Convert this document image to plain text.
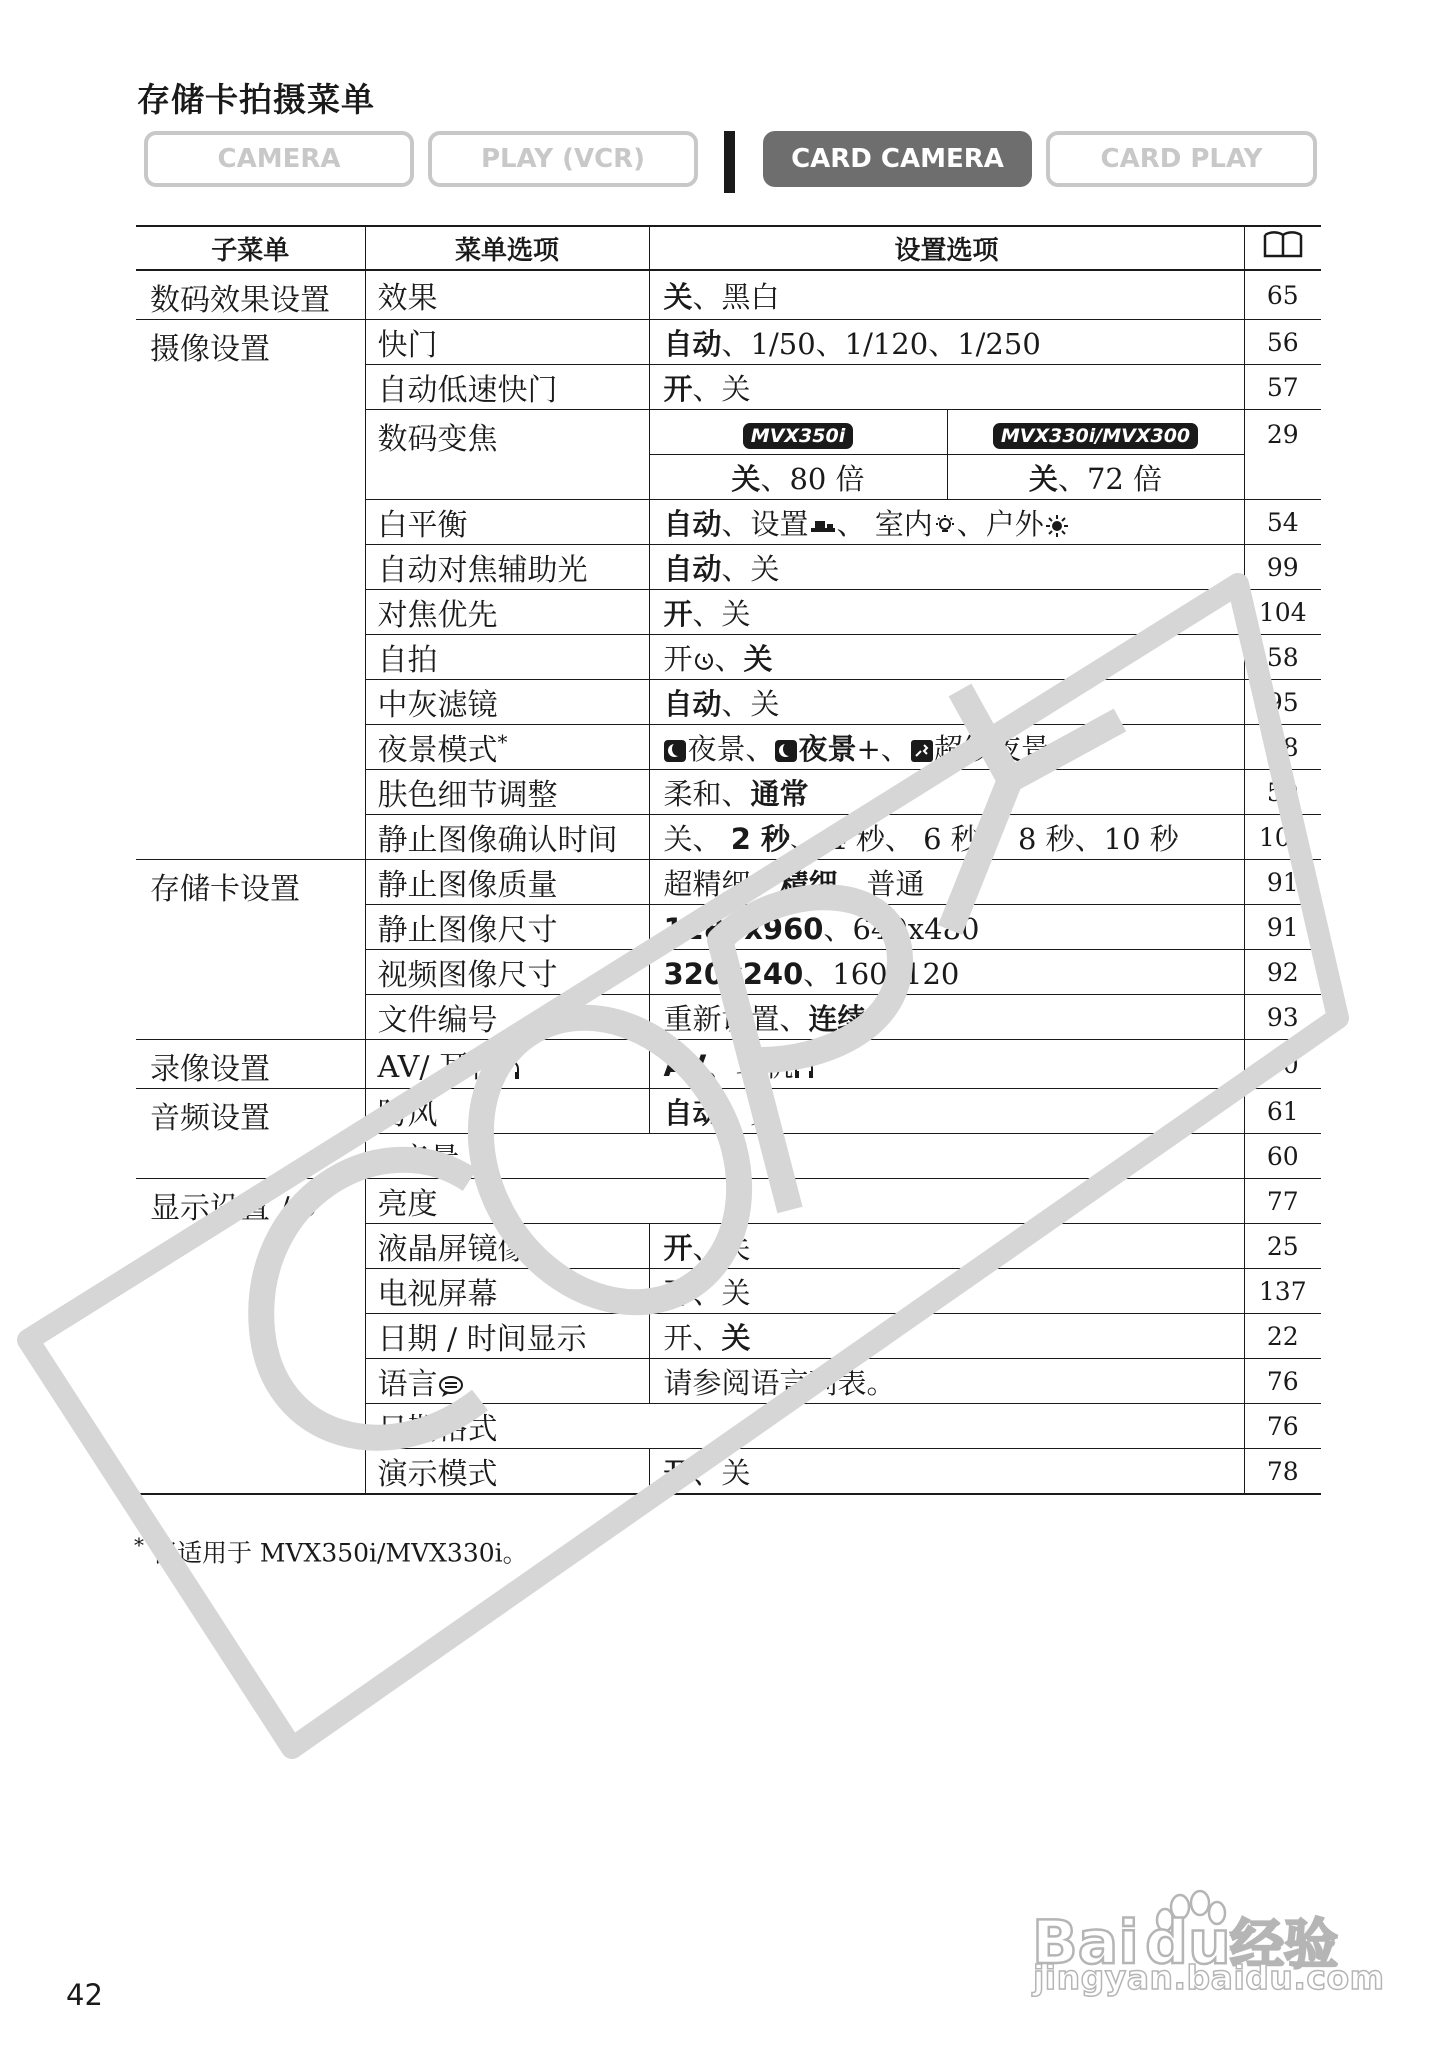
存储卡拍摄菜单
CAMERA	PLAY (VCR)	CARD CAMERA	CARD PLAY
子菜单	菜单选项	设置选项	
数码效果设置	效果	关、黑白		65
摄像设置	快门	自动、1/50、1/120、1/250		56
	自动低速快门	开、关		57
	数码变焦	MVX350i	MVX330i/MVX300	29
		关、80 倍	关、72 倍	
	白平衡	自动、设置 、 室内 、户外		54
	自动对焦辅助光	自动、关		99
	对焦优先	开、关		104
	自拍	开 、关		58
	中灰滤镜	自动、关		95
	夜景模式*	夜景、 夜景+、 超级夜景		48
	肤色细节调整	柔和、通常		50
	静止图像确认时间	关、 2 秒、 4 秒、 6 秒、 8 秒、10 秒		100
存储卡设置	静止图像质量	超精细、精细、普通		91
	静止图像尺寸	1280x960、640x480		91
	视频图像尺寸	320x240、160x120		92
	文件编号	重新设置、连续		93
录像设置	AV/ 耳机	AV、耳机		60
音频设置	防风	自动、关		61
	音量			60
显示设置 /	亮度			77
	液晶屏镜像	开、关		25
	电视屏幕	开、关		137
	日期 / 时间显示	开、关		22
	语言	请参阅语言列表。		76
	日期格式			76
	演示模式	开、关		78
* 仅适用于 MVX350i/MVX330i。
42
Bai du 经验
jingyan.baidu.com
